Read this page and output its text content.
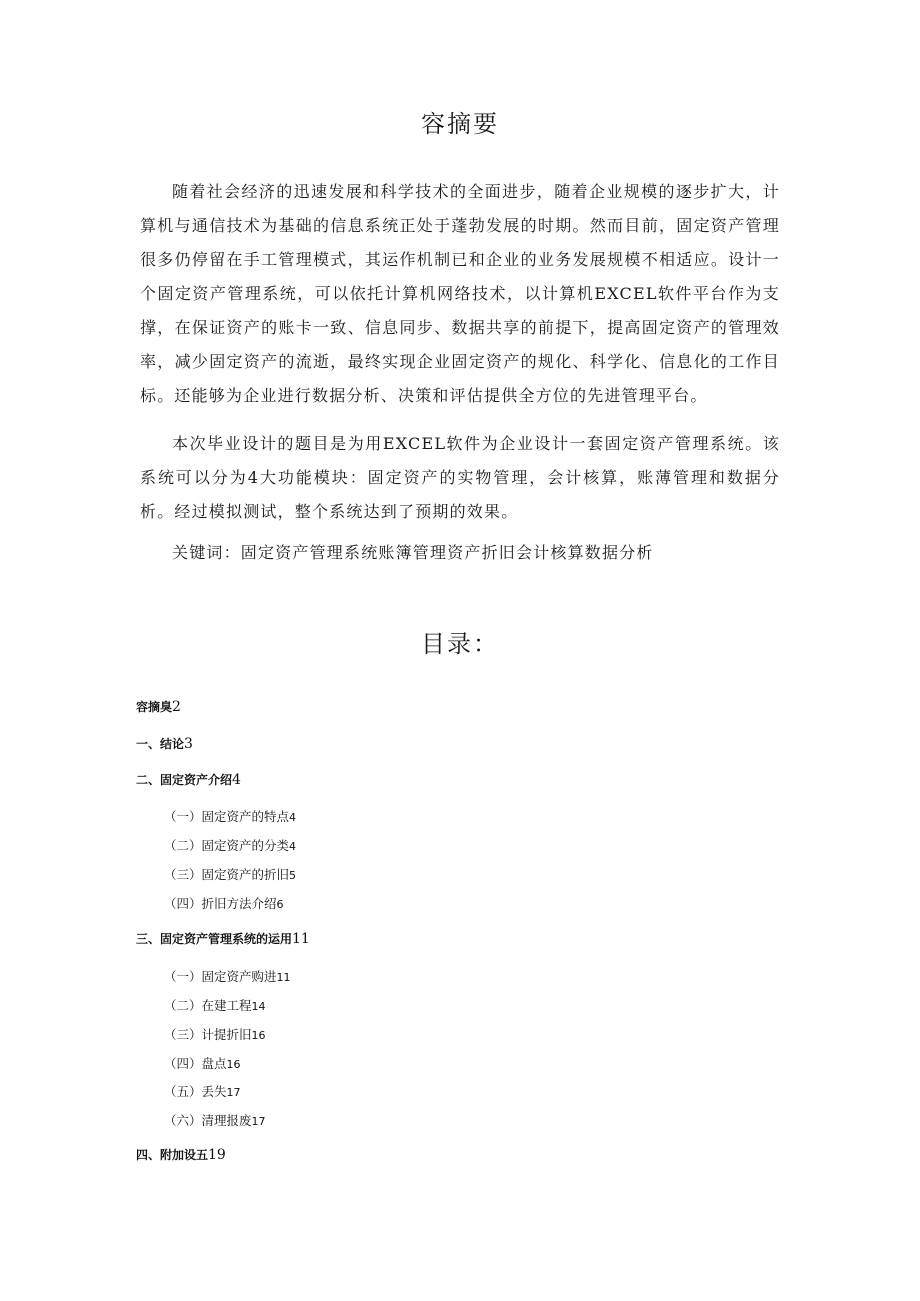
容摘要

随着社会经济的迅速发展和科学技术的全面进步，随着企业规模的逐步扩大，计算机与通信技术为基础的信息系统正处于蓬勃发展的时期。然而目前，固定资产管理很多仍停留在手工管理模式，其运作机制已和企业的业务发展规模不相适应。设计一个固定资产管理系统，可以依托计算机网络技术，以计算机EXCEL软件平台作为支撑，在保证资产的账卡一致、信息同步、数据共享的前提下，提高固定资产的管理效率，减少固定资产的流逝，最终实现企业固定资产的规化、科学化、信息化的工作目标。还能够为企业进行数据分析、决策和评估提供全方位的先进管理平台。

本次毕业设计的题目是为用EXCEL软件为企业设计一套固定资产管理系统。该系统可以分为4大功能模块：固定资产的实物管理，会计核算，账薄管理和数据分析。经过模拟测试，整个系统达到了预期的效果。

关键词：固定资产管理系统账簿管理资产折旧会计核算数据分析

目录：
容摘臭2
一、结论3
二、固定资产介绍4
（一）固定资产的特点4
（二）固定资产的分类4
（三）固定资产的折旧5
（四）折旧方法介绍6
三、固定资产管理系统的运用11
（一）固定资产购进11
（二）在建工程14
（三）计提折旧16
（四）盘点16
（五）丢失17
（六）清理报废17
四、附加设五19
